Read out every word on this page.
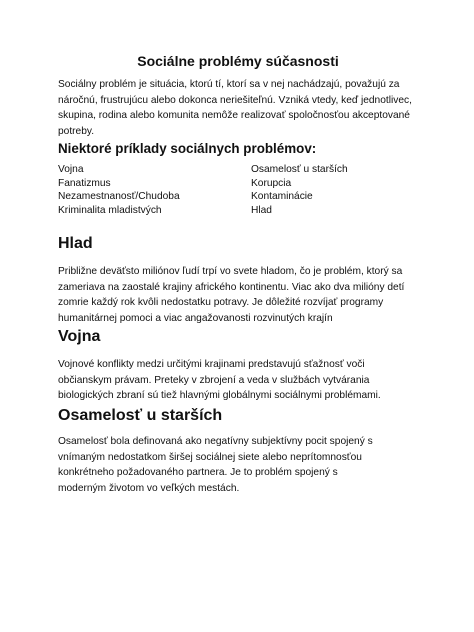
Sociálne problémy súčasnosti

Sociálny problém je situácia, ktorú tí, ktorí sa v nej nachádzajú, považujú za náročnú, frustrujúcu alebo dokonca neriešiteľnú. Vzniká vtedy, keď jednotlivec, skupina, rodina alebo komunita nemôže realizovať spoločnosťou akceptované potreby.

Niektoré príklady sociálnych problémov:
Vojna
Fanatizmus
Nezamestnanosť/Chudoba
Kriminalita mladistvých
Osamelosť u starších
Korupcia
Kontaminácie
Hlad
Hlad

Približne deväťsto miliónov ľudí trpí vo svete hladom, čo je problém, ktorý sa zameriava na zaostalé krajiny afrického kontinentu. Viac ako dva milióny detí zomrie každý rok kvôli nedostatku potravy. Je dôležité rozvíjať programy humanitárnej pomoci a viac angažovanosti rozvinutých krajín

Vojna

Vojnové konflikty medzi určitými krajinami predstavujú sťažnosť voči občianskym právam. Preteky v zbrojení a veda v službách vytvárania biologických zbraní sú tiež hlavnými globálnymi sociálnymi problémami.

Osamelosť u starších

Osamelosť bola definovaná ako negatívny subjektívny pocit spojený s vnímaným nedostatkom širšej sociálnej siete alebo neprítomnosťou konkrétneho požadovaného partnera. Je to problém spojený s moderným životom vo veľkých mestách.
